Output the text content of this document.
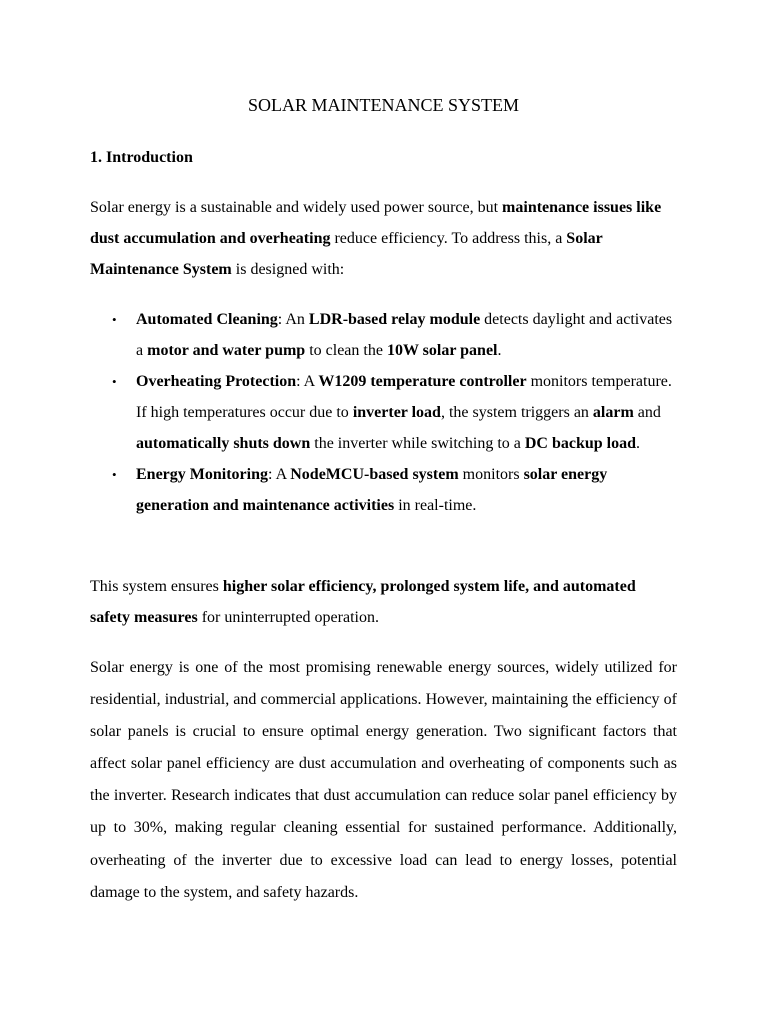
SOLAR MAINTENANCE SYSTEM
1. Introduction

Solar energy is a sustainable and widely used power source, but maintenance issues like dust accumulation and overheating reduce efficiency. To address this, a Solar Maintenance System is designed with:

• Automated Cleaning: An LDR-based relay module detects daylight and activates a motor and water pump to clean the 10W solar panel.
• Overheating Protection: A W1209 temperature controller monitors temperature. If high temperatures occur due to inverter load, the system triggers an alarm and automatically shuts down the inverter while switching to a DC backup load.
• Energy Monitoring: A NodeMCU-based system monitors solar energy generation and maintenance activities in real-time.

This system ensures higher solar efficiency, prolonged system life, and automated safety measures for uninterrupted operation.

Solar energy is one of the most promising renewable energy sources, widely utilized for residential, industrial, and commercial applications. However, maintaining the efficiency of solar panels is crucial to ensure optimal energy generation. Two significant factors that affect solar panel efficiency are dust accumulation and overheating of components such as the inverter. Research indicates that dust accumulation can reduce solar panel efficiency by up to 30%, making regular cleaning essential for sustained performance. Additionally, overheating of the inverter due to excessive load can lead to energy losses, potential damage to the system, and safety hazards.
